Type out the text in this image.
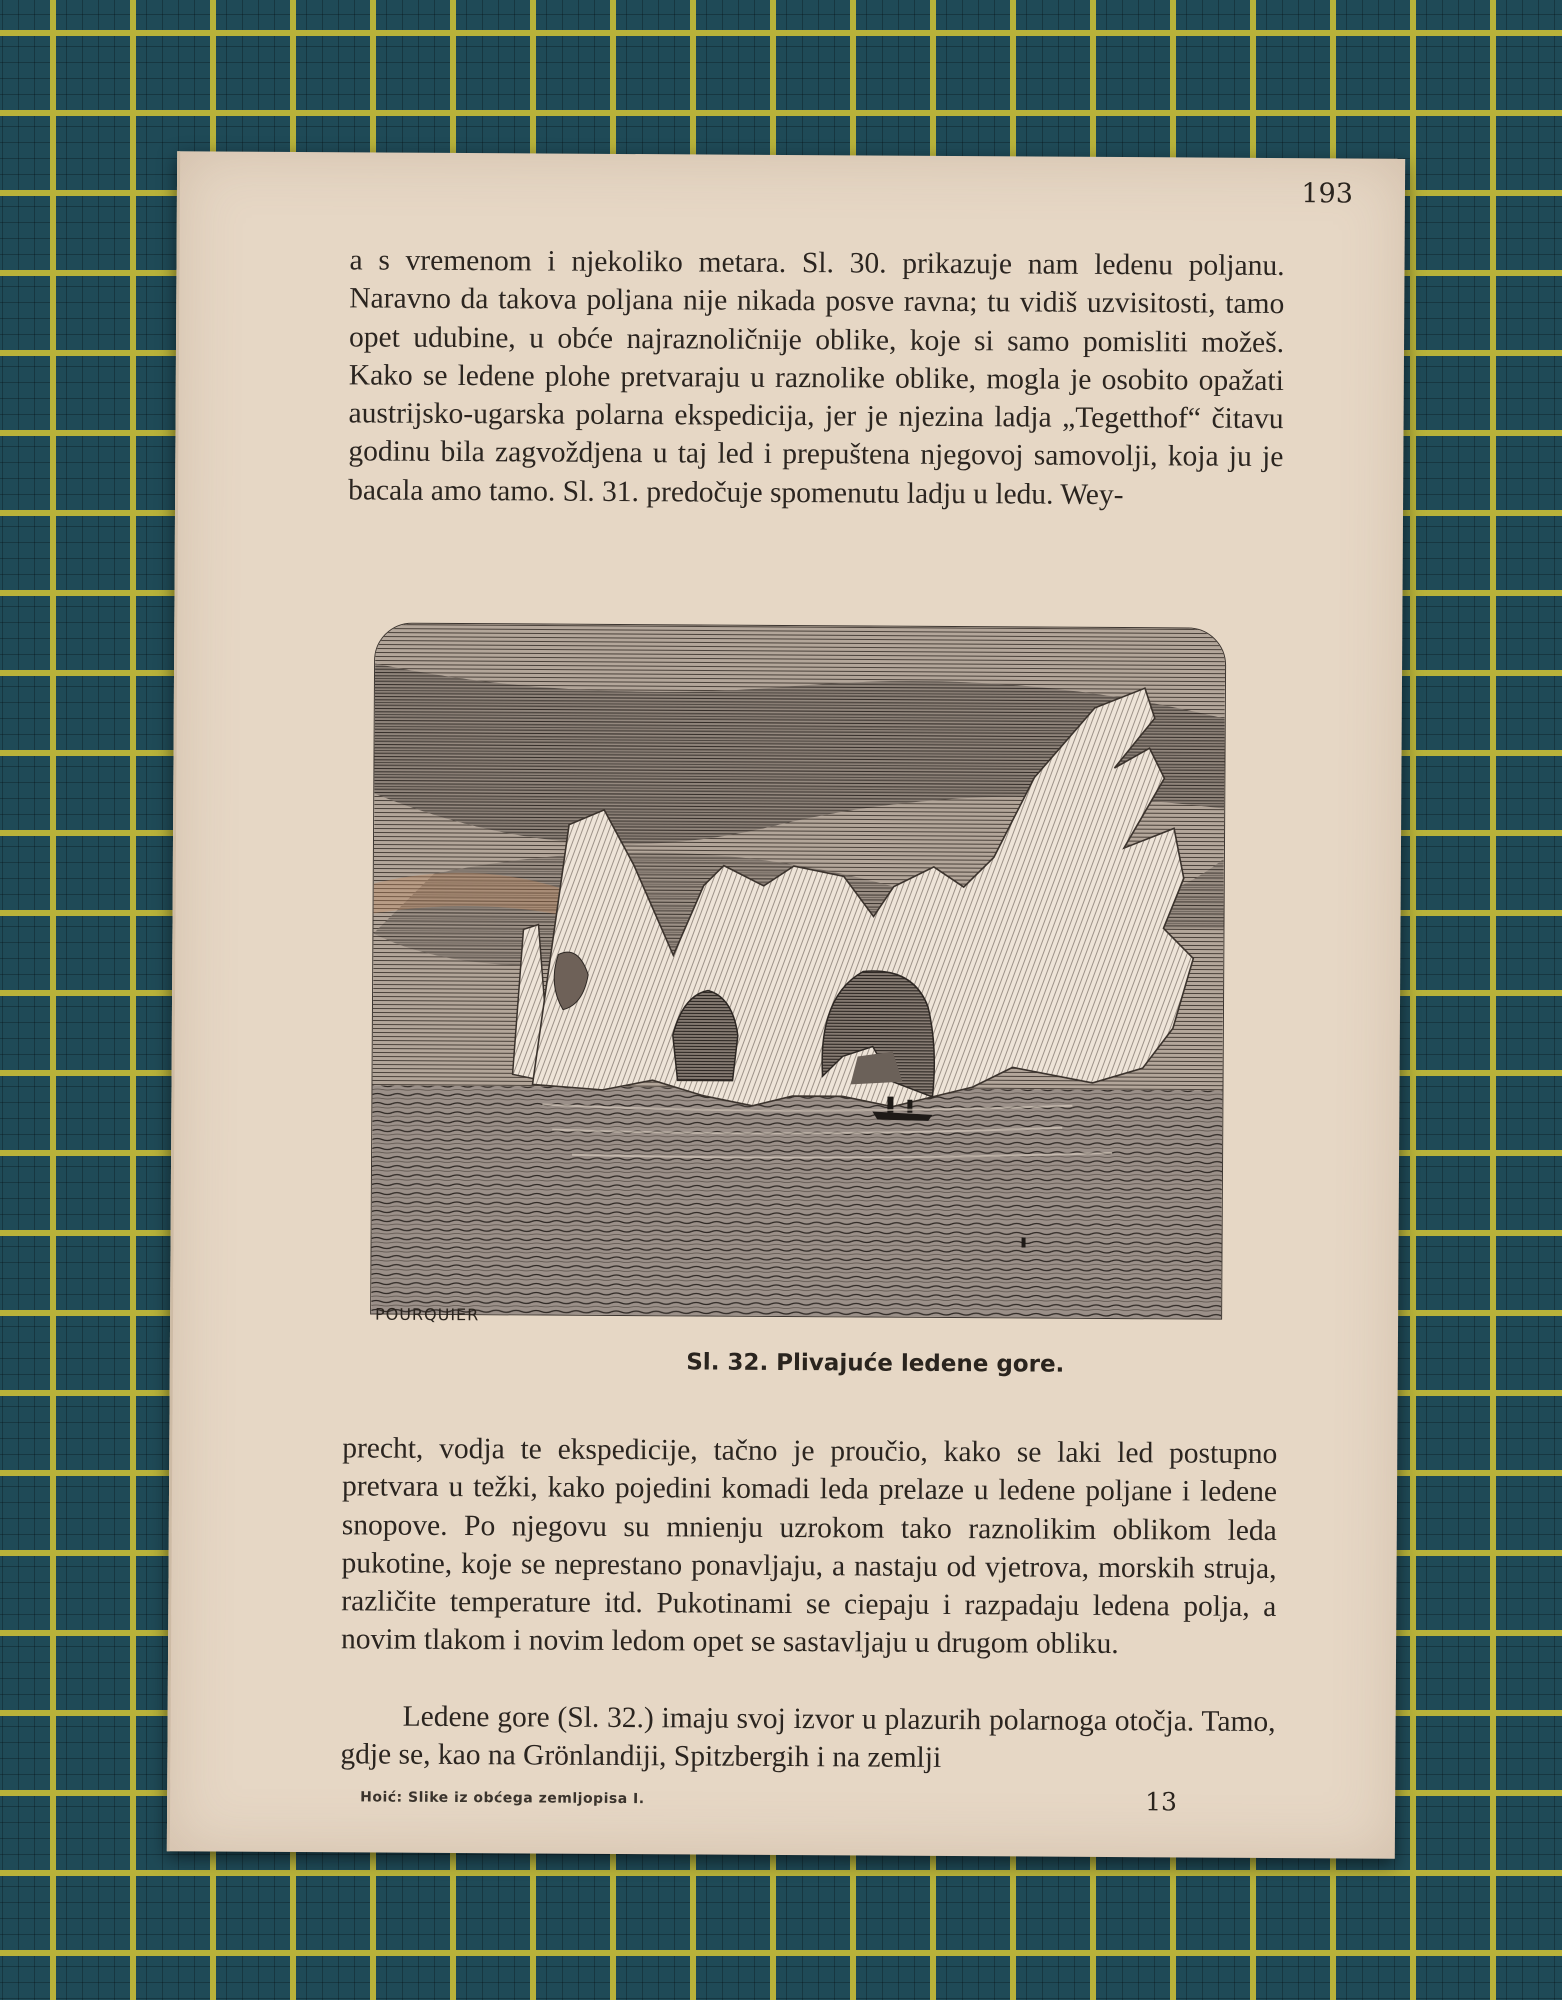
193

a s vremenom i njekoliko metara. Sl. 30. prikazuje nam ledenu poljanu. Naravno da takova poljana nije nikada posve ravna; tu vidiš uzvisitosti, tamo opet udubine, u obće najraznoličnije oblike, koje si samo pomisliti možeš. Kako se ledene plohe pretvaraju u raznolike oblike, mogla je osobito opažati austrijsko-ugarska polarna ekspedicija, jer je njezina ladja „Tegetthof“ čitavu godinu bila zagvoždjena u taj led i prepuštena njegovoj samovolji, koja ju je bacala amo tamo. Sl. 31. predočuje spomenutu ladju u ledu. Wey-

Sl. 32. Plivajuće ledene gore.

precht, vodja te ekspedicije, tačno je proučio, kako se laki led postupno pretvara u težki, kako pojedini komadi leda prelaze u ledene poljane i ledene snopove. Po njegovu su mnienju uzrokom tako raznolikim oblikom leda pukotine, koje se neprestano ponavljaju, a nastaju od vjetrova, morskih struja, različite temperature itd. Pukotinami se ciepaju i razpadaju ledena polja, a novim tlakom i novim ledom opet se sastavljaju u drugom obliku.

Ledene gore (Sl. 32.) imaju svoj izvor u plazurih polarnoga otočja. Tamo, gdje se, kao na Grönlandiji, Spitzbergih i na zemlji

Hoić: Slike iz obćega zemljopisa I.	13
POURQUIER
